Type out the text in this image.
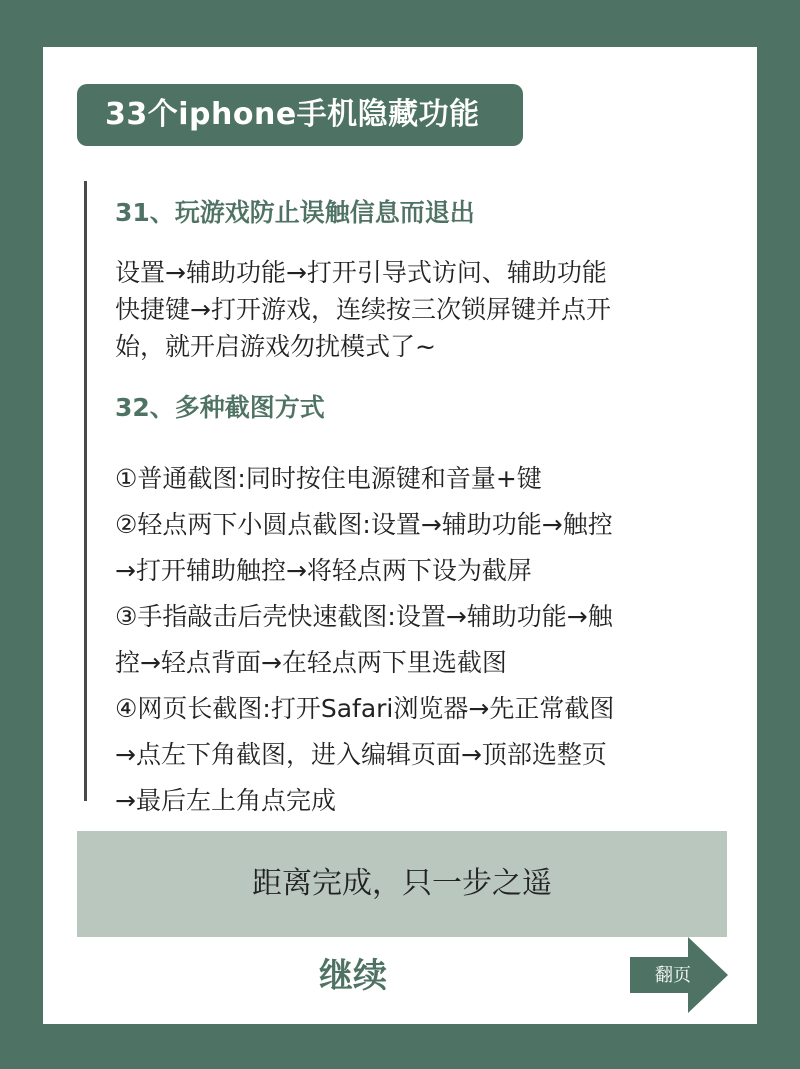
33个iphone手机隐藏功能
31、玩游戏防止误触信息而退出
设置→辅助功能→打开引导式访问、辅助功能
快捷键→打开游戏，连续按三次锁屏键并点开
始，就开启游戏勿扰模式了~
32、多种截图方式
①普通截图:同时按住电源键和音量+键
②轻点两下小圆点截图:设置→辅助功能→触控
→打开辅助触控→将轻点两下设为截屏
③手指敲击后壳快速截图:设置→辅助功能→触
控→轻点背面→在轻点两下里选截图
④网页长截图:打开Safari浏览器→先正常截图
→点左下角截图，进入编辑页面→顶部选整页
→最后左上角点完成
距离完成，只一步之遥
继续	翻页
